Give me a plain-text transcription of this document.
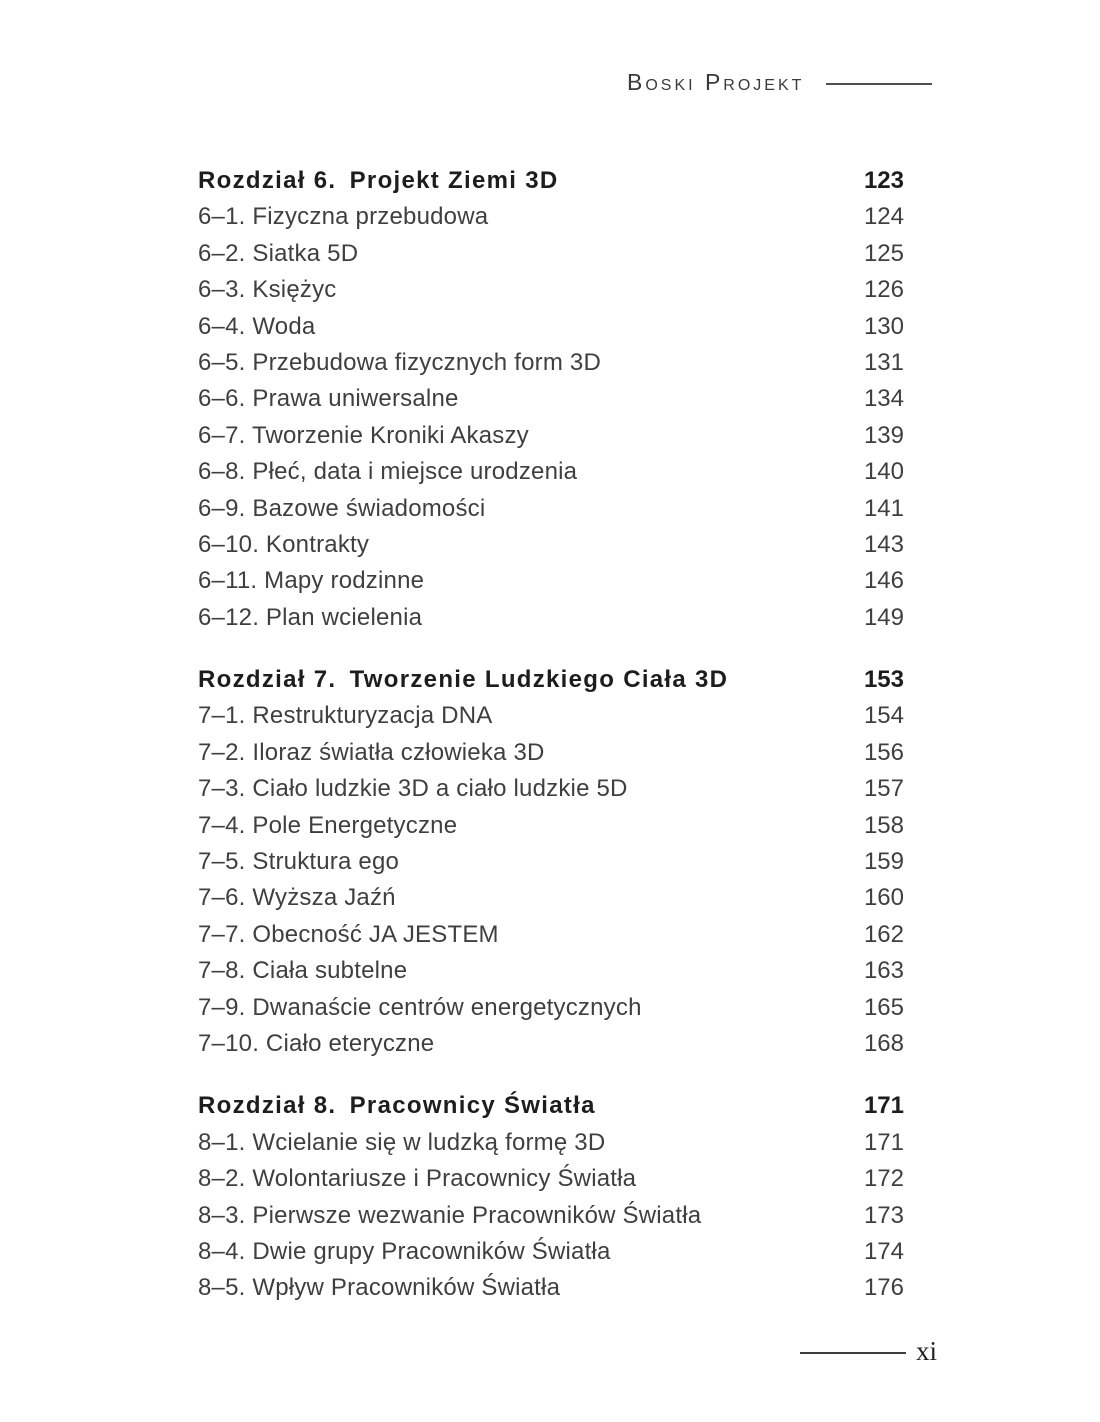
Boski Projekt
Rozdział 6. Projekt Ziemi 3D	123
6–1. Fizyczna przebudowa	124
6–2. Siatka 5D	125
6–3. Księżyc	126
6–4. Woda	130
6–5. Przebudowa fizycznych form 3D	131
6–6. Prawa uniwersalne	134
6–7. Tworzenie Kroniki Akaszy	139
6–8. Płeć, data i miejsce urodzenia	140
6–9. Bazowe świadomości	141
6–10. Kontrakty	143
6–11. Mapy rodzinne	146
6–12. Plan wcielenia	149
Rozdział 7. Tworzenie Ludzkiego Ciała 3D	153
7–1. Restrukturyzacja DNA	154
7–2. Iloraz światła człowieka 3D	156
7–3. Ciało ludzkie 3D a ciało ludzkie 5D	157
7–4. Pole Energetyczne	158
7–5. Struktura ego	159
7–6. Wyższa Jaźń	160
7–7. Obecność JA JESTEM	162
7–8. Ciała subtelne	163
7–9. Dwanaście centrów energetycznych	165
7–10. Ciało eteryczne	168
Rozdział 8. Pracownicy Światła	171
8–1. Wcielanie się w ludzką formę 3D	171
8–2. Wolontariusze i Pracownicy Światła	172
8–3. Pierwsze wezwanie Pracowników Światła	173
8–4. Dwie grupy Pracowników Światła	174
8–5. Wpływ Pracowników Światła	176
xi
